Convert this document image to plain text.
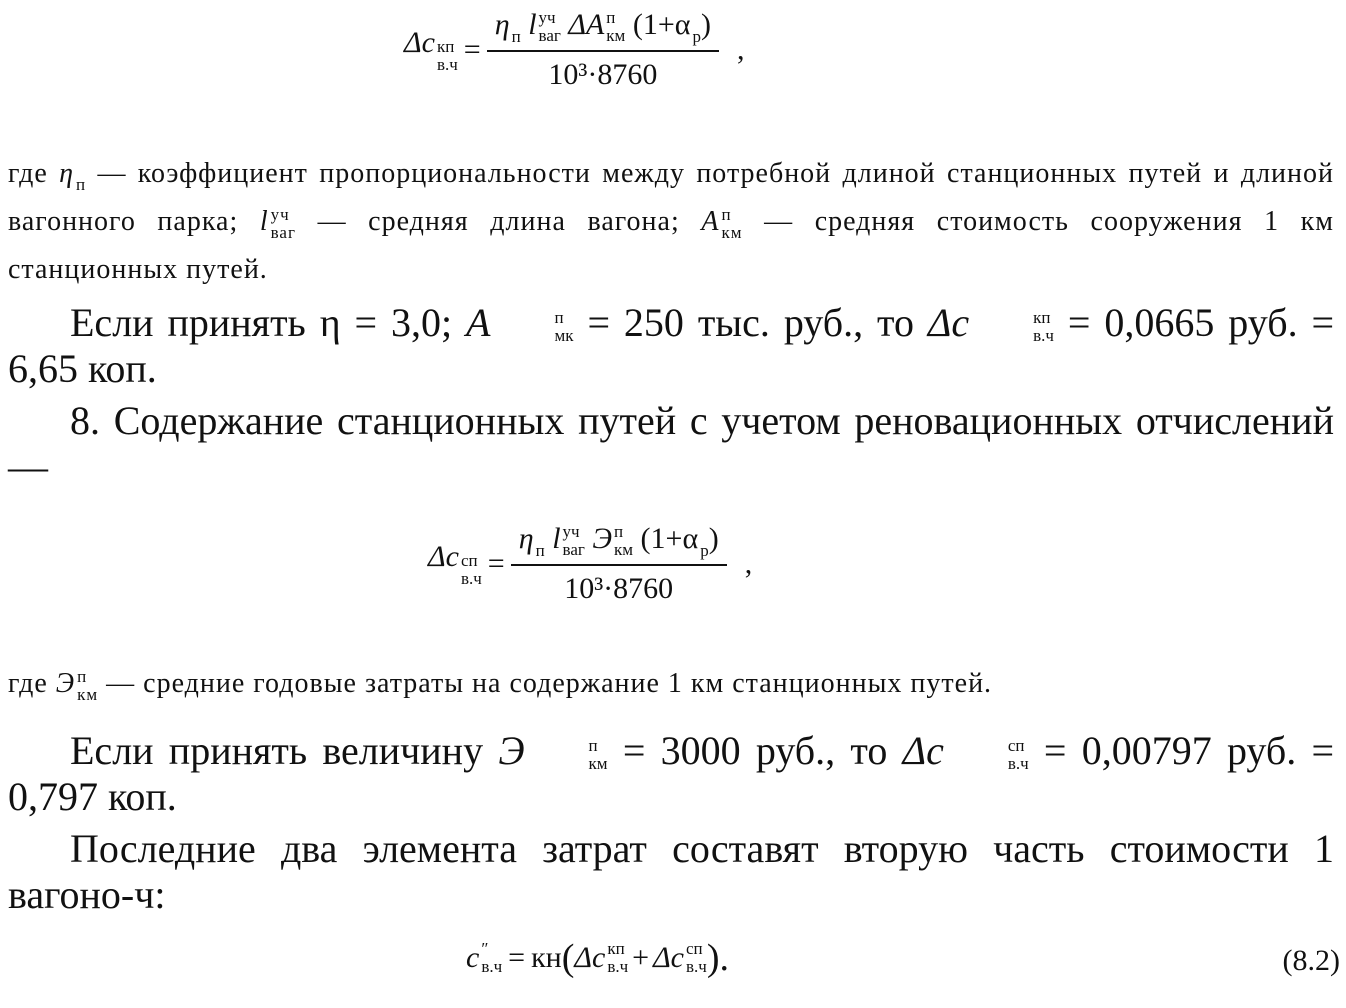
Δc кп
в.ч = η п l уч
ваг ΔA п
км (1+α р )
10³·8760 ,
где η п — коэффициент пропорциональности между потребной длиной станционных путей и длиной вагонного парка; l уч
ваг — средняя длина вагона; A п
км — средняя стоимость сооружения 1 км станционных путей.
Если принять η = 3,0; A	п
мк = 250 тыс. руб., то Δc	кп
в.ч = 0,0665 руб. = 6,65 коп.
8. Содержание станционных путей с учетом реновационных отчислений —
Δc сп
в.ч = η п l уч
ваг Э п
км (1+α р )
10³·8760 ,
где Э п
км — средние годовые затраты на содержание 1 км станционных путей.
Если принять величину Э	п
км = 3000 руб., то Δc	сп
в.ч = 0,00797 руб. = 0,797 коп.
Последние два элемента затрат составят вторую часть стоимости 1 вагоно-ч:
c ″
в.ч = кн ( Δc кп
в.ч + Δc сп
в.ч ).	(8.2)
